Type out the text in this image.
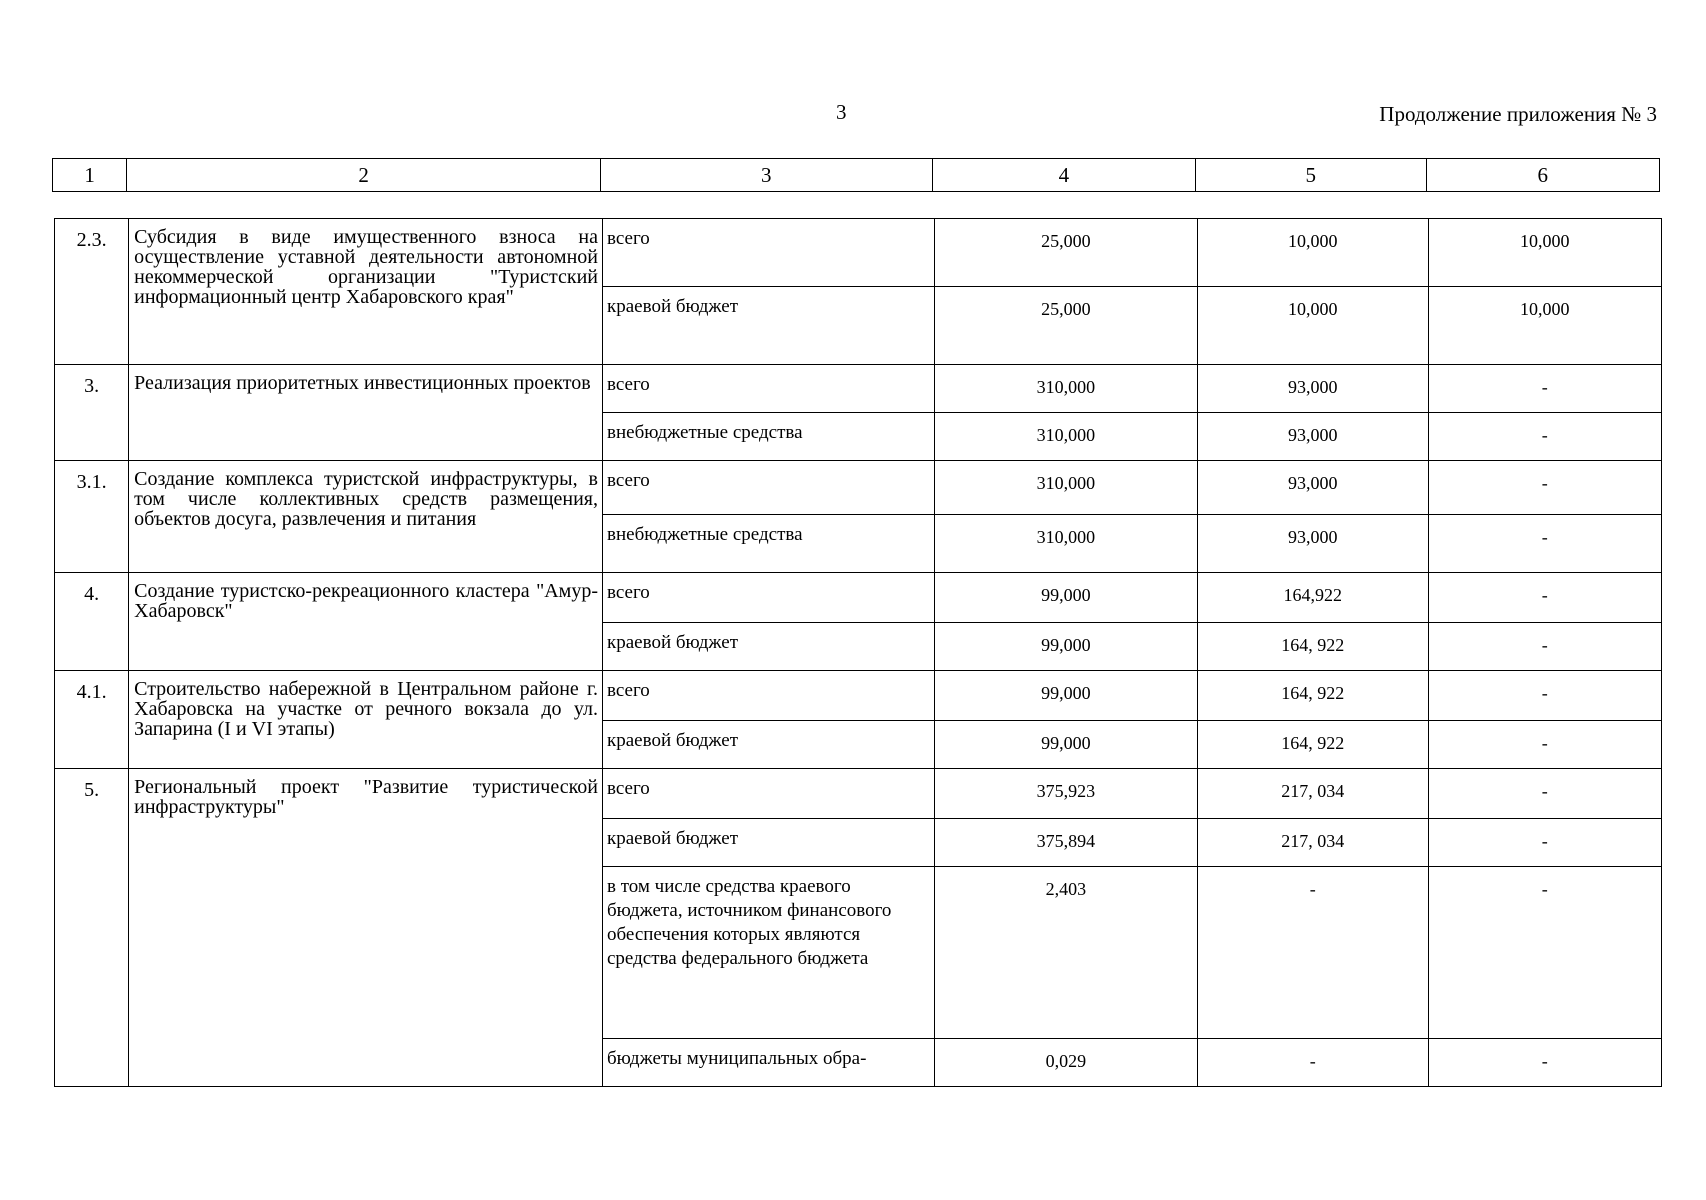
3	Продолжение приложения № 3
1	2	3	4	5	6
2.3.	Субсидия в виде имущественного взноса на осуществление уставной деятельности автономной некоммерческой организации "Туристский информационный центр Хабаровского края"	всего	25,000	10,000	10,000
		краевой бюджет	25,000	10,000	10,000
3.	Реализация приоритетных инвестиционных проектов	всего	310,000	93,000	-
		внебюджетные средства	310,000	93,000	-
3.1.	Создание комплекса туристской инфраструктуры, в том числе коллективных средств размещения, объектов досуга, развлечения и питания	всего	310,000	93,000	-
		внебюджетные средства	310,000	93,000	-
4.	Создание туристско-рекреационного кластера "Амур-Хабаровск"	всего	99,000	164,922	-
		краевой бюджет	99,000	164, 922	-
4.1.	Строительство набережной в Центральном районе г. Хабаровска на участке от речного вокзала до ул. Запарина (I и VI этапы)	всего	99,000	164, 922	-
		краевой бюджет	99,000	164, 922	-
5.	Региональный проект "Развитие туристической инфраструктуры"	всего	375,923	217, 034	-
		краевой бюджет	375,894	217, 034	-
		в том числе средства краевого бюджета, источником финансового обеспечения которых являются средства федерального бюджета	2,403	-	-
		бюджеты муниципальных обра-	0,029	-	-
